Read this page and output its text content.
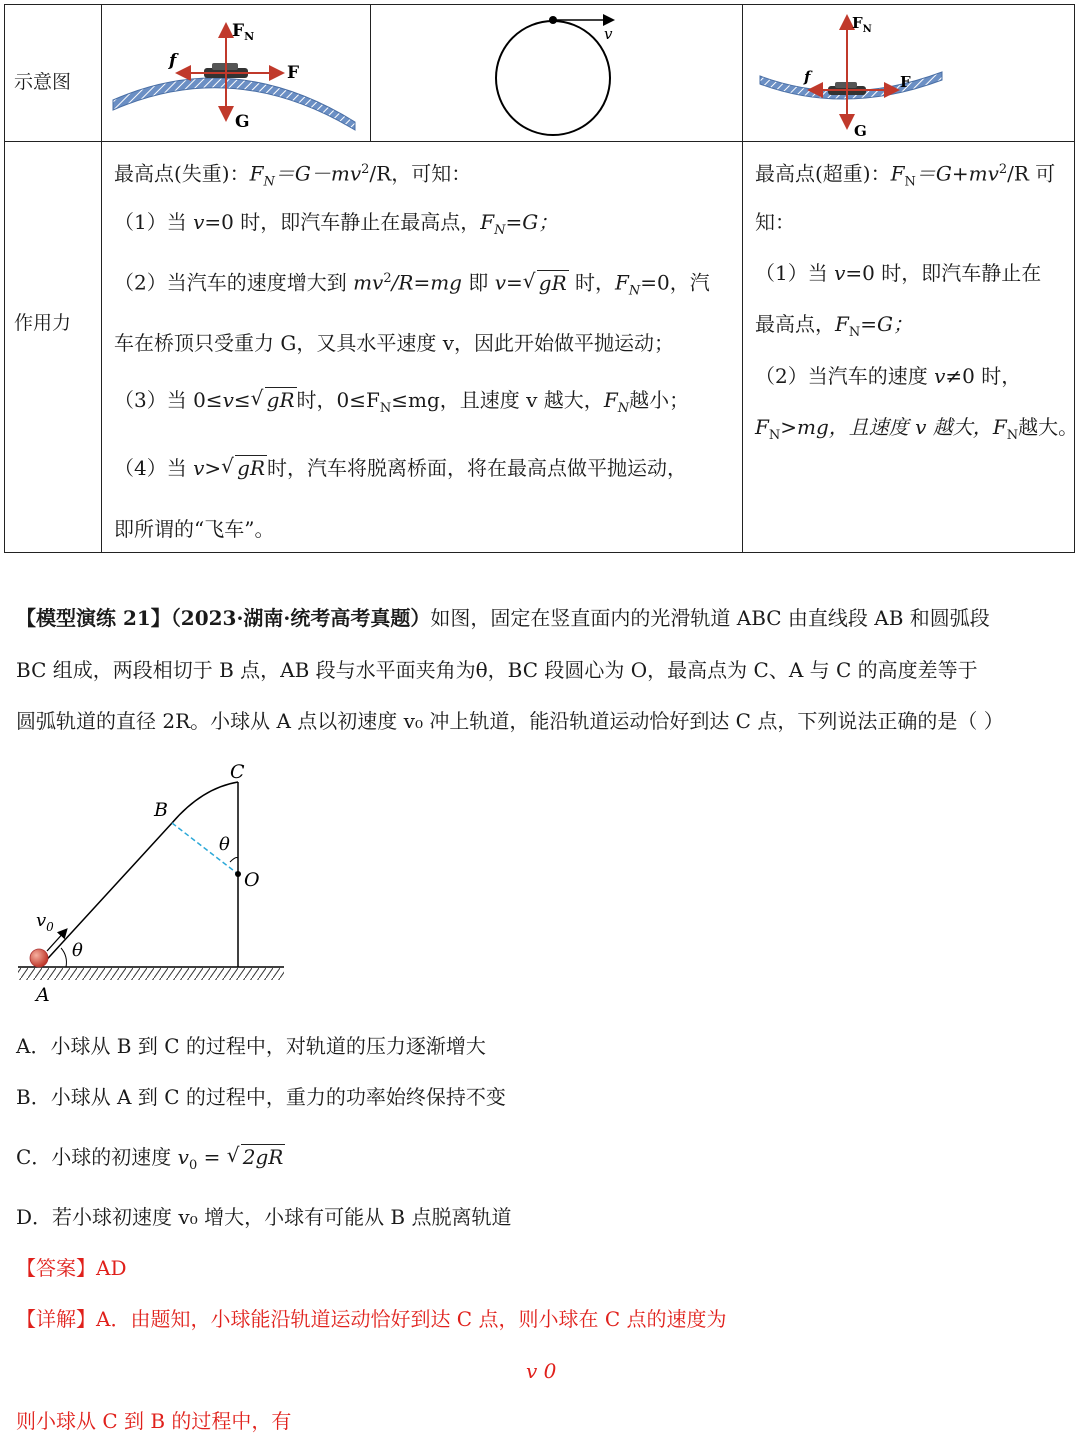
示意图
作用力
$F_N$
f
F
G
v
$F_N$
f	F
G
最高点(失重)：$F_N=G-mv^2/R$，可知：
（1）当 v=0 时，即汽车静止在最高点，$F_N=G$；
（2）当汽车的速度增大到 $mv^2/R=mg$ 即 v= √ gR 时，$F_N=0$，汽
车在桥顶只受重力 G，又具水平速度 v，因此开始做平抛运动；
（3）当 0≤v≤ √ gR 时，$0\le F_N\le mg$，且速度 v 越大，$F_N$越小；
（4）当 v> √ gR 时，汽车将脱离桥面，将在最高点做平抛运动，
即所谓的“飞车”。
最高点(超重)：$F_N=G+mv^2/R$ 可
知：
（1）当 v=0 时，即汽车静止在
最高点，$F_N=G$；
（2）当汽车的速度 v≠0 时，
$F_N>mg$，且速度 v 越大，$F_N$越大。
【模型演练 21】（2023·湖南·统考高考真题）如图，固定在竖直面内的光滑轨道 ABC 由直线段 AB 和圆弧段
BC 组成，两段相切于 B 点，AB 段与水平面夹角为θ，BC 段圆心为 O，最高点为 C、A 与 C 的高度差等于
圆弧轨道的直径 2R。小球从 A 点以初速度 v₀ 冲上轨道，能沿轨道运动恰好到达 C 点，下列说法正确的是（ ）
B
C
O
θ
θ
A
$v_0$
A．小球从 B 到 C 的过程中，对轨道的压力逐渐增大
B．小球从 A 到 C 的过程中，重力的功率始终保持不变
C．小球的初速度 $v_0$ = √ 2gR
D．若小球初速度 v₀ 增大，小球有可能从 B 点脱离轨道
【答案】AD
【详解】A．由题知，小球能沿轨道运动恰好到达 C 点，则小球在 C 点的速度为
v 0
则小球从 C 到 B 的过程中，有
